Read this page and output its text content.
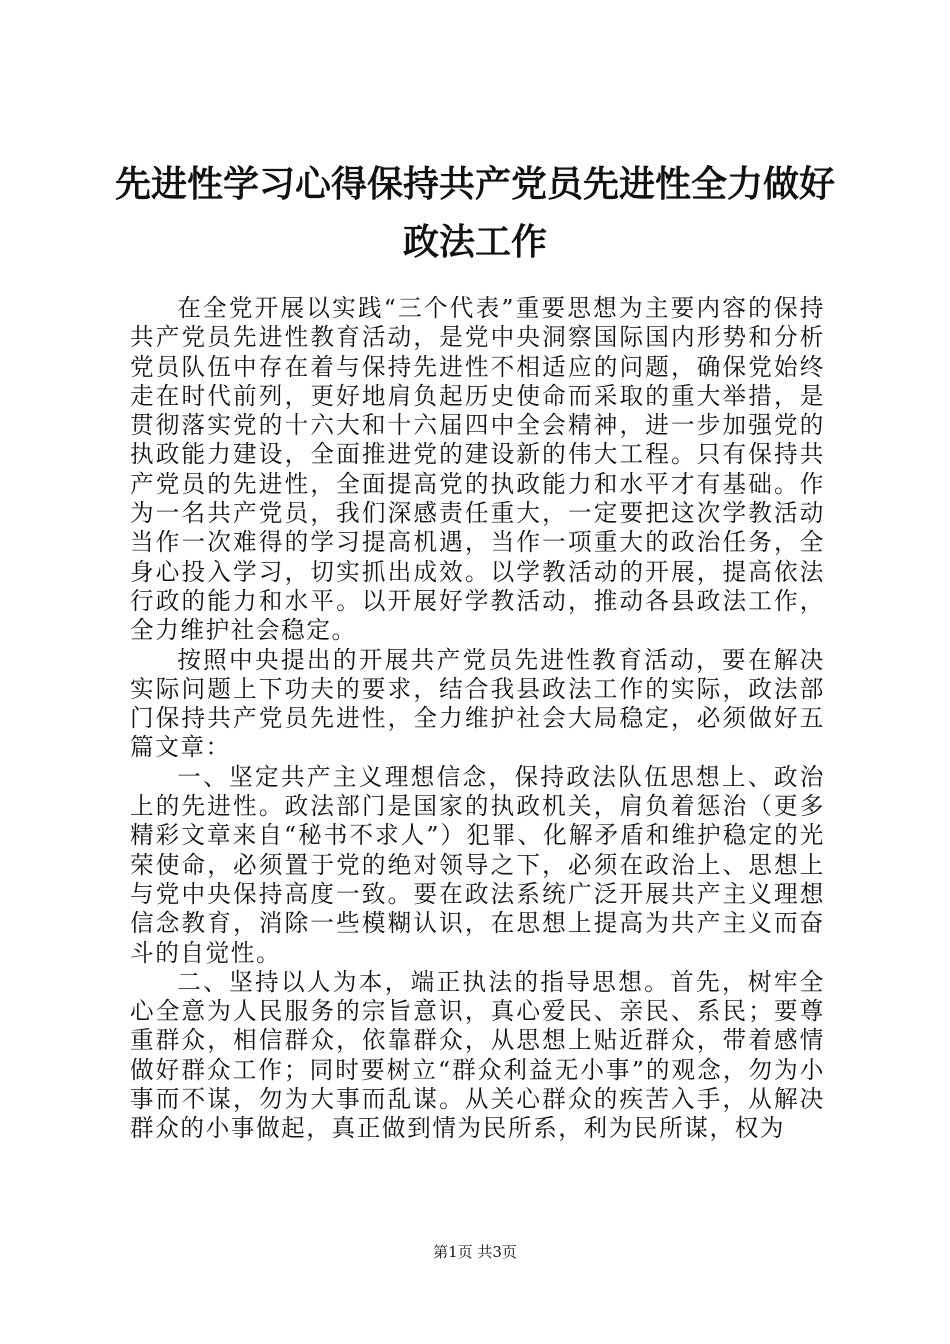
先进性学习心得保持共产党员先进性全力做好
政法工作

在全党开展以实践“三个代表”重要思想为主要内容的保持共产党员先进性教育活动，是党中央洞察国际国内形势和分析党员队伍中存在着与保持先进性不相适应的问题，确保党始终走在时代前列，更好地肩负起历史使命而采取的重大举措，是贯彻落实党的十六大和十六届四中全会精神，进一步加强党的执政能力建设，全面推进党的建设新的伟大工程。只有保持共产党员的先进性，全面提高党的执政能力和水平才有基础。作为一名共产党员，我们深感责任重大，一定要把这次学教活动当作一次难得的学习提高机遇，当作一项重大的政治任务，全身心投入学习，切实抓出成效。以学教活动的开展，提高依法行政的能力和水平。以开展好学教活动，推动各县政法工作，全力维护社会稳定。

按照中央提出的开展共产党员先进性教育活动，要在解决实际问题上下功夫的要求，结合我县政法工作的实际，政法部门保持共产党员先进性，全力维护社会大局稳定，必须做好五篇文章：

一、坚定共产主义理想信念，保持政法队伍思想上、政治上的先进性。政法部门是国家的执政机关，肩负着惩治（更多精彩文章来自“秘书不求人”）犯罪、化解矛盾和维护稳定的光荣使命，必须置于党的绝对领导之下，必须在政治上、思想上与党中央保持高度一致。要在政法系统广泛开展共产主义理想信念教育，消除一些模糊认识，在思想上提高为共产主义而奋斗的自觉性。

二、坚持以人为本，端正执法的指导思想。首先，树牢全心全意为人民服务的宗旨意识，真心爱民、亲民、系民；要尊重群众，相信群众，依靠群众，从思想上贴近群众，带着感情做好群众工作；同时要树立“群众利益无小事”的观念，勿为小事而不谋，勿为大事而乱谋。从关心群众的疾苦入手，从解决群众的小事做起，真正做到情为民所系，利为民所谋，权为

第1页 共3页
